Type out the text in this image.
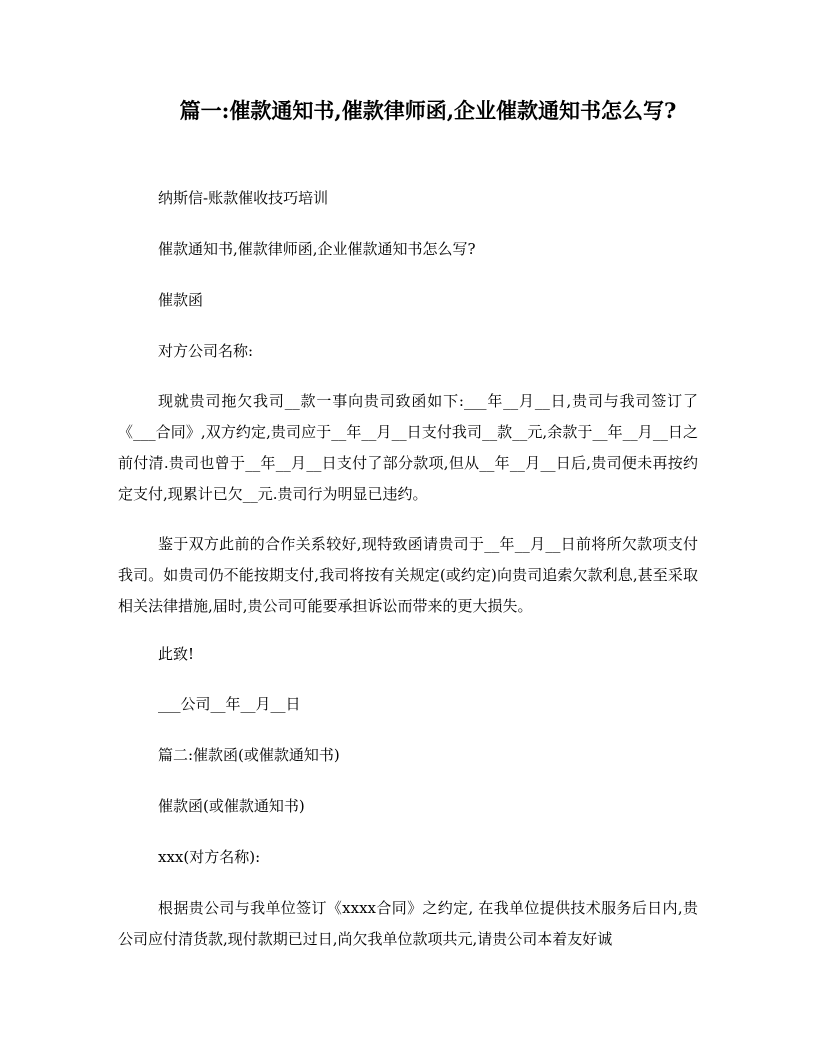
篇一:催款通知书,催款律师函,企业催款通知书怎么写?

纳斯信-账款催收技巧培训

催款通知书,催款律师函,企业催款通知书怎么写?

催款函

对方公司名称:

现就贵司拖欠我司__款一事向贵司致函如下:___年__月__日,贵司与我司签订了《___合同》,双方约定,贵司应于__年__月__日支付我司__款__元,余款于__年__月__日之前付清.贵司也曾于__年__月__日支付了部分款项,但从__年__月__日后,贵司便未再按约定支付,现累计已欠__元.贵司行为明显已违约。

鉴于双方此前的合作关系较好,现特致函请贵司于__年__月__日前将所欠款项支付我司。如贵司仍不能按期支付,我司将按有关规定(或约定)向贵司追索欠款利息,甚至采取相关法律措施,届时,贵公司可能要承担诉讼而带来的更大损失。

此致!

___公司__年__月__日

篇二:催款函(或催款通知书)

催款函(或催款通知书)

xxx(对方名称):

根据贵公司与我单位签订《xxxx合同》之约定, 在我单位提供技术服务后日内,贵公司应付清货款,现付款期已过日,尚欠我单位款项共元,请贵公司本着友好诚
